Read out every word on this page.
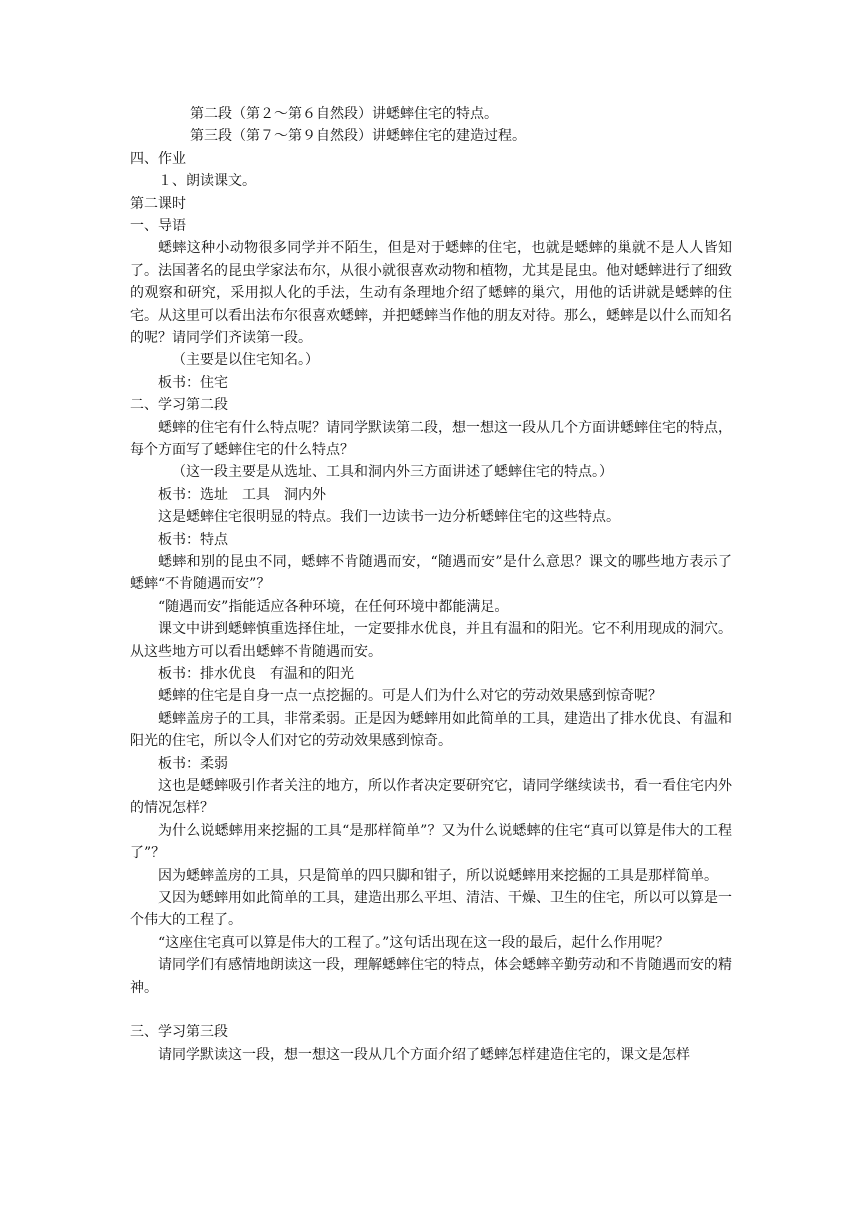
第二段（第２～第６自然段）讲蟋蟀住宅的特点。
第三段（第７～第９自然段）讲蟋蟀住宅的建造过程。
四、作业
１、朗读课文。
第二课时
一、导语
蟋蟀这种小动物很多同学并不陌生，但是对于蟋蟀的住宅，也就是蟋蟀的巢就不是人人皆知了。法国著名的昆虫学家法布尔，从很小就很喜欢动物和植物，尤其是昆虫。他对蟋蟀进行了细致的观察和研究，采用拟人化的手法，生动有条理地介绍了蟋蟀的巢穴，用他的话讲就是蟋蟀的住宅。从这里可以看出法布尔很喜欢蟋蟀，并把蟋蟀当作他的朋友对待。那么，蟋蟀是以什么而知名的呢？请同学们齐读第一段。
（主要是以住宅知名。）
板书：住宅
二、学习第二段
蟋蟀的住宅有什么特点呢？请同学默读第二段，想一想这一段从几个方面讲蟋蟀住宅的特点，每个方面写了蟋蟀住宅的什么特点？
（这一段主要是从选址、工具和洞内外三方面讲述了蟋蟀住宅的特点。）
板书：选址　工具　洞内外
这是蟋蟀住宅很明显的特点。我们一边读书一边分析蟋蟀住宅的这些特点。
板书：特点
蟋蟀和别的昆虫不同，蟋蟀不肯随遇而安，“随遇而安”是什么意思？课文的哪些地方表示了蟋蟀“不肯随遇而安”？
“随遇而安”指能适应各种环境，在任何环境中都能满足。
课文中讲到蟋蟀慎重选择住址，一定要排水优良，并且有温和的阳光。它不利用现成的洞穴。从这些地方可以看出蟋蟀不肯随遇而安。
板书：排水优良　有温和的阳光
蟋蟀的住宅是自身一点一点挖掘的。可是人们为什么对它的劳动效果感到惊奇呢？
蟋蟀盖房子的工具，非常柔弱。正是因为蟋蟀用如此简单的工具，建造出了排水优良、有温和阳光的住宅，所以令人们对它的劳动效果感到惊奇。
板书：柔弱
这也是蟋蟀吸引作者关注的地方，所以作者决定要研究它，请同学继续读书，看一看住宅内外的情况怎样？
为什么说蟋蟀用来挖掘的工具“是那样简单”？又为什么说蟋蟀的住宅“真可以算是伟大的工程了”？
因为蟋蟀盖房的工具，只是简单的四只脚和钳子，所以说蟋蟀用来挖掘的工具是那样简单。
又因为蟋蟀用如此简单的工具，建造出那么平坦、清洁、干燥、卫生的住宅，所以可以算是一个伟大的工程了。
“这座住宅真可以算是伟大的工程了。”这句话出现在这一段的最后，起什么作用呢？
请同学们有感情地朗读这一段，理解蟋蟀住宅的特点，体会蟋蟀辛勤劳动和不肯随遇而安的精神。
三、学习第三段
请同学默读这一段，想一想这一段从几个方面介绍了蟋蟀怎样建造住宅的，课文是怎样
